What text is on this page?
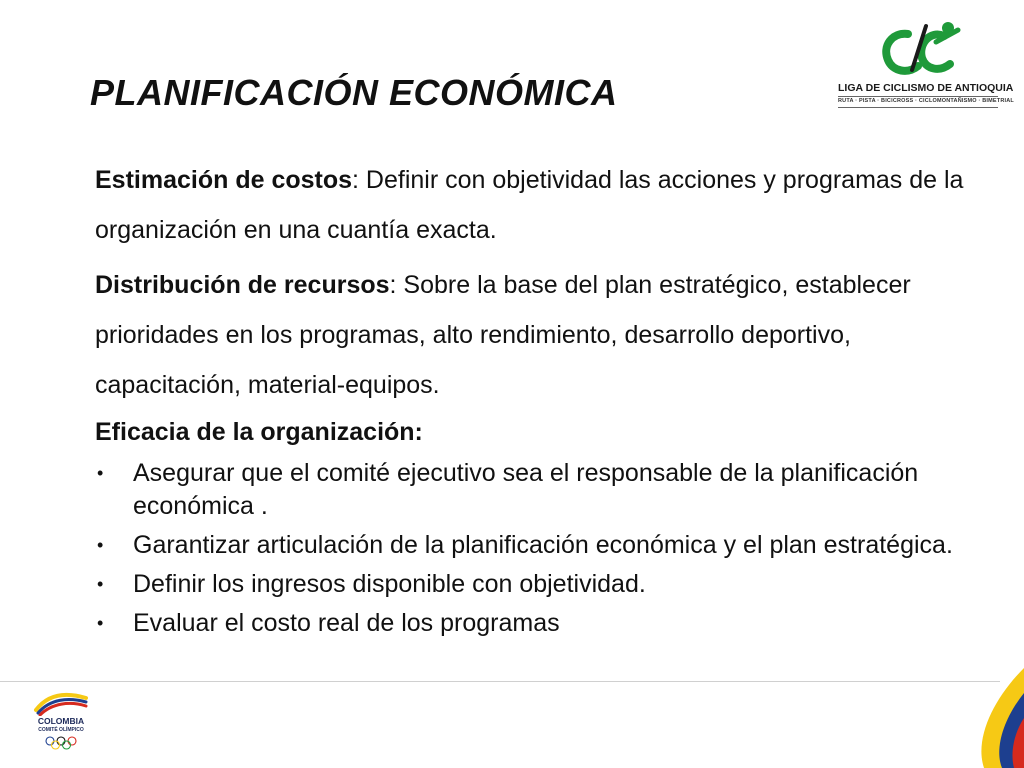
PLANIFICACIÓN ECONÓMICA	LIGA DE CICLISMO DE ANTIOQUIA
RUTA · PISTA · BICICROSS · CICLOMONTAÑISMO · BIMETRIAL

Estimación de costos: Definir con objetividad las acciones y programas de la organización en una cuantía exacta.

Distribución de recursos: Sobre la base del plan estratégico, establecer prioridades en los programas, alto rendimiento, desarrollo deportivo, capacitación, material-equipos.

Eficacia de la organización:

• Asegurar que el comité ejecutivo sea el responsable de la planificación económica .
• Garantizar articulación de la planificación económica y el plan estratégica.
• Definir los ingresos disponible con objetividad.
• Evaluar el costo real de los programas
COLOMBIA
COMITÉ OLÍMPICO
